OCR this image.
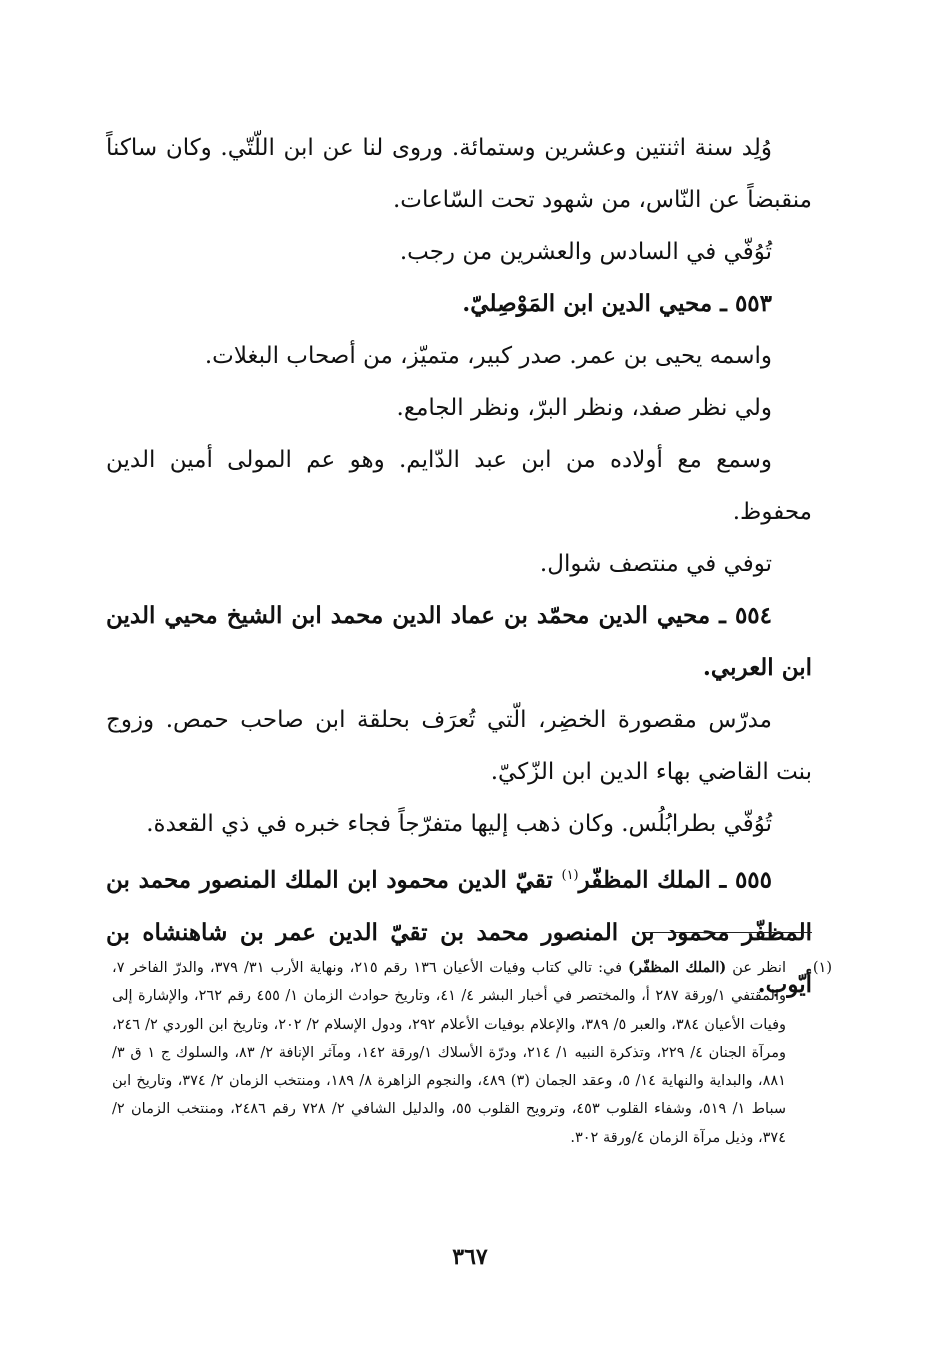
وُلِد سنة اثنتين وعشرين وستمائة. وروى لنا عن ابن اللّتّي. وكان ساكناً منقبضاً عن النّاس، من شهود تحت السّاعات.

تُوُفّي في السادس والعشرين من رجب.

٥٥٣ ـ محيي الدين ابن المَوْصِليّ.

واسمه يحيى بن عمر. صدر كبير، متميّز، من أصحاب البغلات.

ولي نظر صفد، ونظر البرّ، ونظر الجامع.

وسمع مع أولاده من ابن عبد الدّايم. وهو عم المولى أمين الدين محفوظ.

توفي في منتصف شوال.

٥٥٤ ـ محيي الدين محمّد بن عماد الدين محمد ابن الشيخ محيي الدين ابن العربي.

مدرّس مقصورة الخضِر، الّتي تُعرَف بحلقة ابن صاحب حمص. وزوج بنت القاضي بهاء الدين ابن الزّكيّ.

تُوُفّي بطرابُلُس. وكان ذهب إليها متفرّجاً فجاء خبره في ذي القعدة.

٥٥٥ ـ الملك المظفّر$^{(١)}$ تقيّ الدين محمود ابن الملك المنصور محمد بن المظفّر محمود بن المنصور محمد بن تقيّ الدين عمر بن شاهنشاه بن أيّوب.

(١)
انظر عن (الملك المظفّر) في: تالي كتاب وفيات الأعيان ١٣٦ رقم ٢١٥، ونهاية الأرب ٣١/ ٣٧٩، والدرّ الفاخر ٧، والمقتفي ١/ورقة ٢٨٧ أ، والمختصر في أخبار البشر ٤/ ٤١، وتاريخ حوادث الزمان ١/ ٤٥٥ رقم ٢٦٢، والإشارة إلى وفيات الأعيان ٣٨٤، والعبر ٥/ ٣٨٩، والإعلام بوفيات الأعلام ٢٩٢، ودول الإسلام ٢/ ٢٠٢، وتاريخ ابن الوردي ٢/ ٢٤٦، ومرآة الجنان ٤/ ٢٢٩، وتذكرة النبيه ١/ ٢١٤، ودرّة الأسلاك ١/ورقة ١٤٢، ومآثر الإنافة ٢/ ٨٣، والسلوك ج ١ ق ٣/ ٨٨١، والبداية والنهاية ١٤/ ٥، وعقد الجمان (٣) ٤٨٩، والنجوم الزاهرة ٨/ ١٨٩، ومنتخب الزمان ٢/ ٣٧٤، وتاريخ ابن سباط ١/ ٥١٩، وشفاء القلوب ٤٥٣، وترويح القلوب ٥٥، والدليل الشافي ٢/ ٧٢٨ رقم ٢٤٨٦، ومنتخب الزمان ٢/ ٣٧٤، وذيل مرآة الزمان ٤/ورقة ٣٠٢.
٣٦٧
